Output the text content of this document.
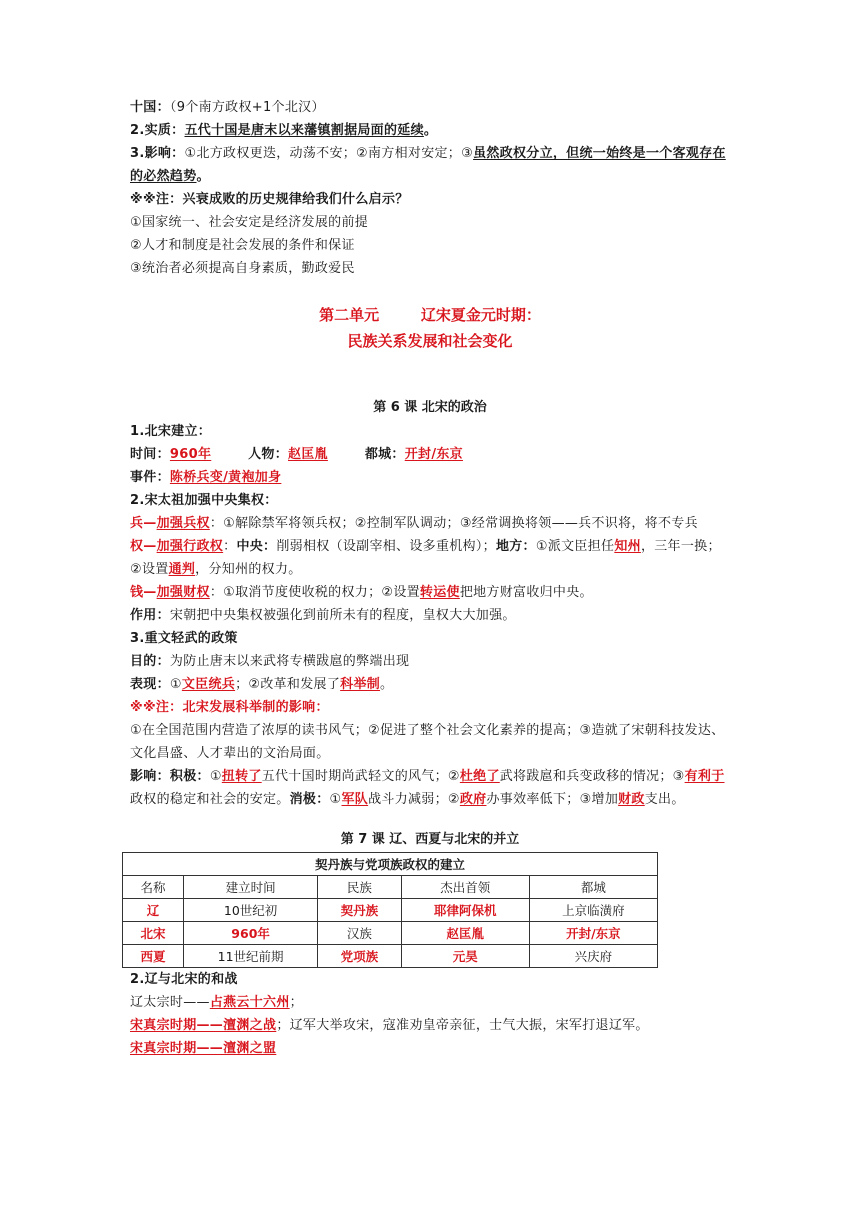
十国：（9个南方政权+1个北汉）
2.实质：五代十国是唐末以来藩镇割据局面的延续。
3.影响：①北方政权更迭，动荡不安；②南方相对安定；③虽然政权分立，但统一始终是一个客观存在的必然趋势。
※※注：兴衰成败的历史规律给我们什么启示？
①国家统一、社会安定是经济发展的前提
②人才和制度是社会发展的条件和保证
③统治者必须提高自身素质，勤政爱民
第二单元        辽宋夏金元时期：
民族关系发展和社会变化
第 6 课 北宋的政治
1.北宋建立：
时间：960年	人物：赵匡胤	都城：开封/东京
事件：陈桥兵变/黄袍加身
2.宋太祖加强中央集权：
兵—加强兵权：①解除禁军将领兵权；②控制军队调动；③经常调换将领——兵不识将，将不专兵
权—加强行政权：中央：削弱相权（设副宰相、设多重机构）；地方：①派文臣担任知州，三年一换；②设置通判，分知州的权力。
钱—加强财权：①取消节度使收税的权力；②设置转运使把地方财富收归中央。
作用：宋朝把中央集权被强化到前所未有的程度，皇权大大加强。
3.重文轻武的政策
目的：为防止唐末以来武将专横跋扈的弊端出现
表现：①文臣统兵；②改革和发展了科举制。
※※注：北宋发展科举制的影响：
①在全国范围内营造了浓厚的读书风气；②促进了整个社会文化素养的提高；③造就了宋朝科技发达、文化昌盛、人才辈出的文治局面。
影响：积极：①扭转了五代十国时期尚武轻文的风气；②杜绝了武将跋扈和兵变政移的情况；③有利于政权的稳定和社会的安定。消极：①军队战斗力减弱；②政府办事效率低下；③增加财政支出。
第 7 课 辽、西夏与北宋的并立
契丹族与党项族政权的建立				
名称	建立时间	民族	杰出首领	都城
辽	10世纪初	契丹族	耶律阿保机	上京临潢府
北宋	960年	汉族	赵匡胤	开封/东京
西夏	11世纪前期	党项族	元昊	兴庆府
2.辽与北宋的和战
辽太宗时——占燕云十六州；
宋真宗时期——澶渊之战；辽军大举攻宋，寇准劝皇帝亲征，士气大振，宋军打退辽军。
宋真宗时期——澶渊之盟
